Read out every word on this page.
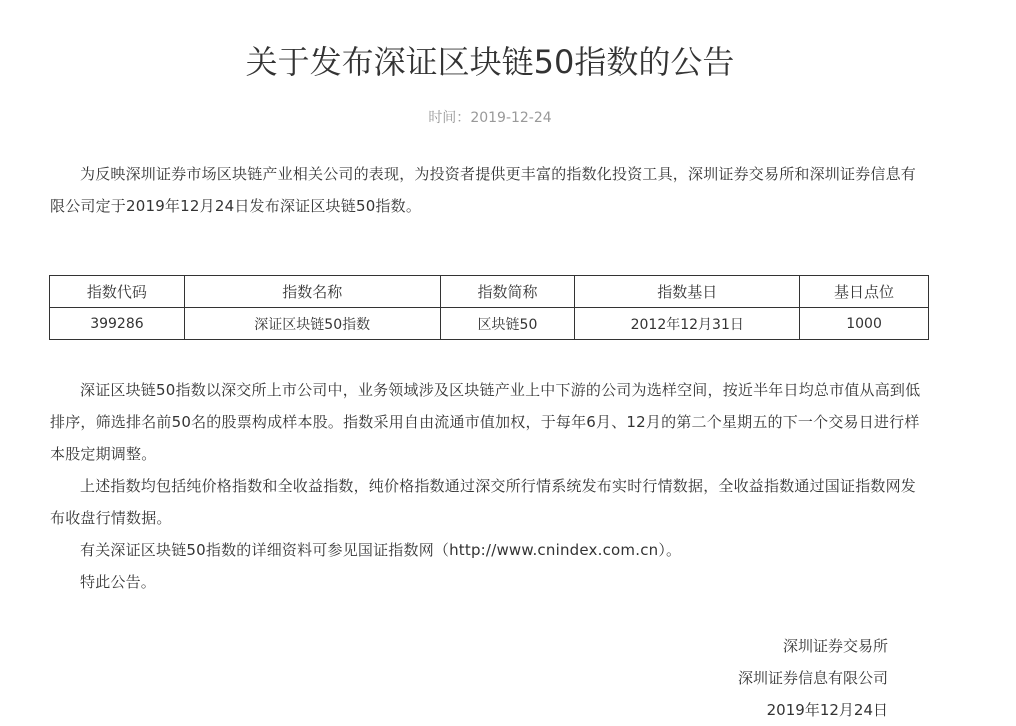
关于发布深证区块链50指数的公告
时间：2019-12-24

为反映深圳证券市场区块链产业相关公司的表现，为投资者提供更丰富的指数化投资工具，深圳证券交易所和深圳证券信息有限公司定于2019年12月24日发布深证区块链50指数。

指数代码	指数名称	指数简称	指数基日	基日点位
399286	深证区块链50指数	区块链50	2012年12月31日	1000

深证区块链50指数以深交所上市公司中，业务领域涉及区块链产业上中下游的公司为选样空间，按近半年日均总市值从高到低排序，筛选排名前50名的股票构成样本股。指数采用自由流通市值加权，于每年6月、12月的第二个星期五的下一个交易日进行样本股定期调整。

上述指数均包括纯价格指数和全收益指数，纯价格指数通过深交所行情系统发布实时行情数据，全收益指数通过国证指数网发布收盘行情数据。

有关深证区块链50指数的详细资料可参见国证指数网（http://www.cnindex.com.cn）。

特此公告。

深圳证券交易所
深圳证券信息有限公司
2019年12月24日
